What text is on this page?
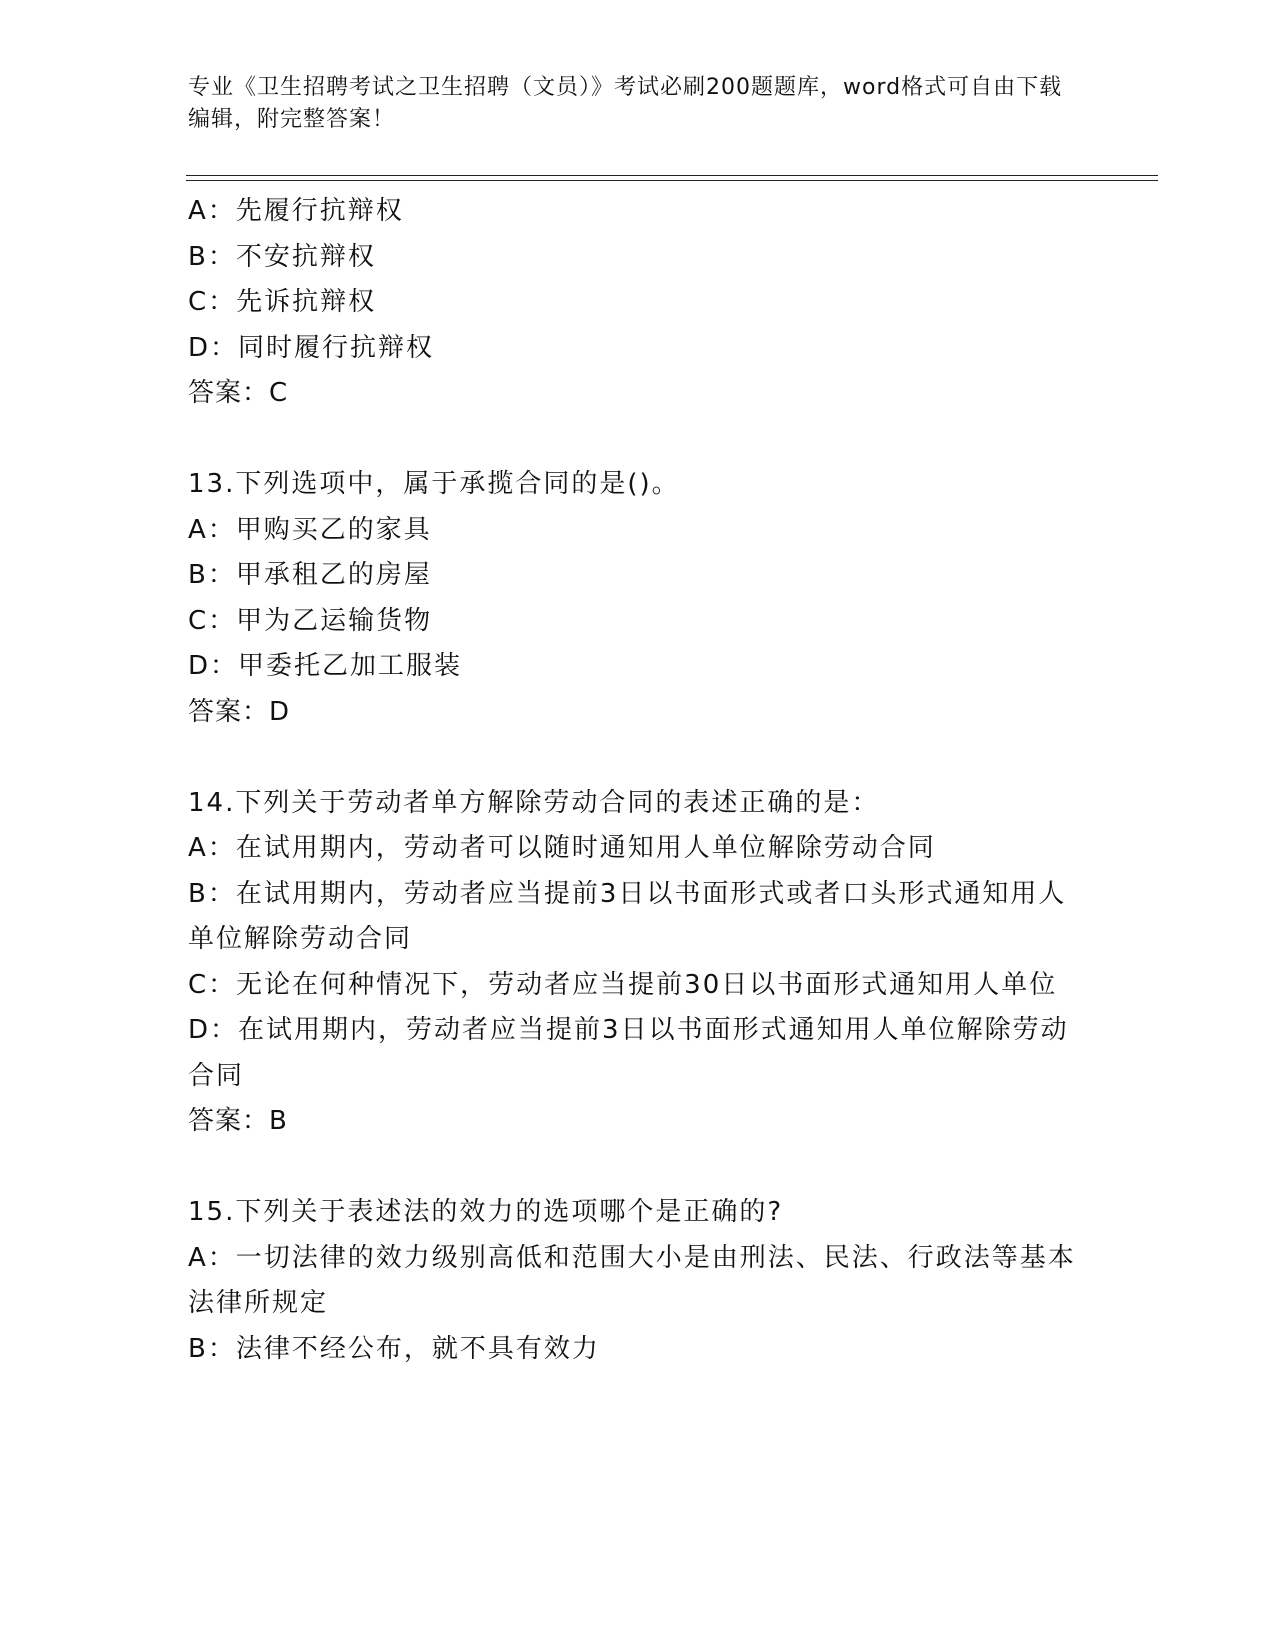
专业《卫生招聘考试之卫生招聘（文员）》考试必刷200题题库，word格式可自由下载编辑，附完整答案！
A：先履行抗辩权
B：不安抗辩权
C：先诉抗辩权
D：同时履行抗辩权
答案：C
13.下列选项中，属于承揽合同的是()。
A：甲购买乙的家具
B：甲承租乙的房屋
C：甲为乙运输货物
D：甲委托乙加工服装
答案：D
14.下列关于劳动者单方解除劳动合同的表述正确的是：
A：在试用期内，劳动者可以随时通知用人单位解除劳动合同
B：在试用期内，劳动者应当提前3日以书面形式或者口头形式通知用人单位解除劳动合同
C：无论在何种情况下，劳动者应当提前30日以书面形式通知用人单位
D：在试用期内，劳动者应当提前3日以书面形式通知用人单位解除劳动合同
答案：B
15.下列关于表述法的效力的选项哪个是正确的?
A：一切法律的效力级别高低和范围大小是由刑法、民法、行政法等基本法律所规定
B：法律不经公布，就不具有效力
